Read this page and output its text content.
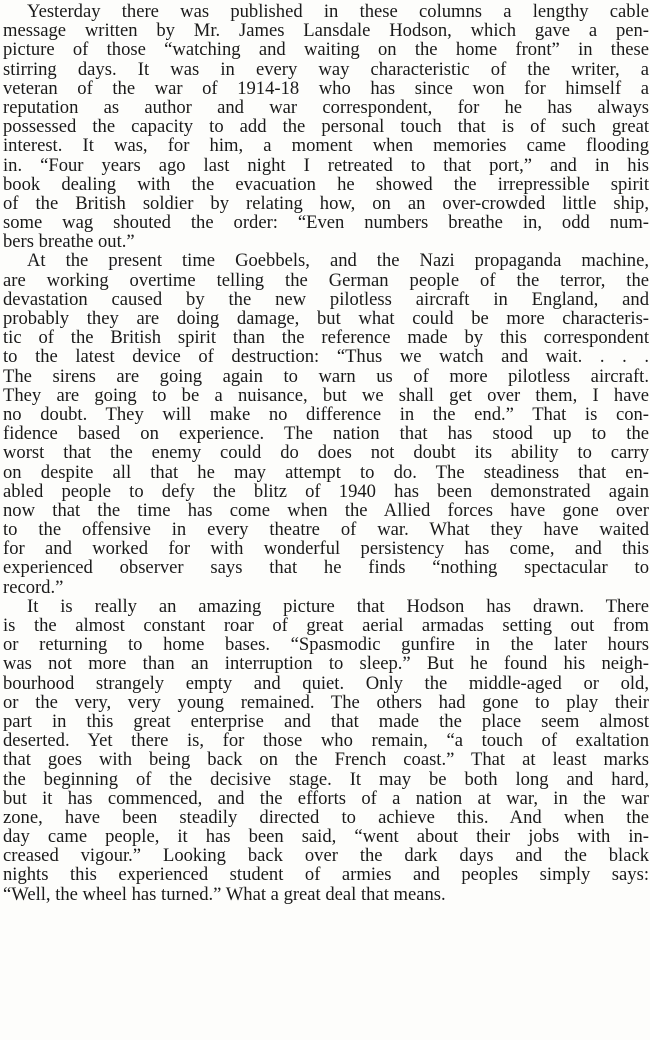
Yesterday there was published in these columns a lengthy cable
message written by Mr. James Lansdale Hodson, which gave a pen-
picture of those “watching and waiting on the home front” in these
stirring days. It was in every way characteristic of the writer, a
veteran of the war of 1914-18 who has since won for himself a
reputation as author and war correspondent, for he has always
possessed the capacity to add the personal touch that is of such great
interest. It was, for him, a moment when memories came flooding
in. “Four years ago last night I retreated to that port,” and in his
book dealing with the evacuation he showed the irrepressible spirit
of the British soldier by relating how, on an over-crowded little ship,
some wag shouted the order: “Even numbers breathe in, odd num-
bers breathe out.”
At the present time Goebbels, and the Nazi propaganda machine,
are working overtime telling the German people of the terror, the
devastation caused by the new pilotless aircraft in England, and
probably they are doing damage, but what could be more characteris-
tic of the British spirit than the reference made by this correspondent
to the latest device of destruction: “Thus we watch and wait. . . .
The sirens are going again to warn us of more pilotless aircraft.
They are going to be a nuisance, but we shall get over them, I have
no doubt. They will make no difference in the end.” That is con-
fidence based on experience. The nation that has stood up to the
worst that the enemy could do does not doubt its ability to carry
on despite all that he may attempt to do. The steadiness that en-
abled people to defy the blitz of 1940 has been demonstrated again
now that the time has come when the Allied forces have gone over
to the offensive in every theatre of war. What they have waited
for and worked for with wonderful persistency has come, and this
experienced observer says that he finds “nothing spectacular to
record.”
It is really an amazing picture that Hodson has drawn. There
is the almost constant roar of great aerial armadas setting out from
or returning to home bases. “Spasmodic gunfire in the later hours
was not more than an interruption to sleep.” But he found his neigh-
bourhood strangely empty and quiet. Only the middle-aged or old,
or the very, very young remained. The others had gone to play their
part in this great enterprise and that made the place seem almost
deserted. Yet there is, for those who remain, “a touch of exaltation
that goes with being back on the French coast.” That at least marks
the beginning of the decisive stage. It may be both long and hard,
but it has commenced, and the efforts of a nation at war, in the war
zone, have been steadily directed to achieve this. And when the
day came people, it has been said, “went about their jobs with in-
creased vigour.” Looking back over the dark days and the black
nights this experienced student of armies and peoples simply says:
“Well, the wheel has turned.” What a great deal that means.
